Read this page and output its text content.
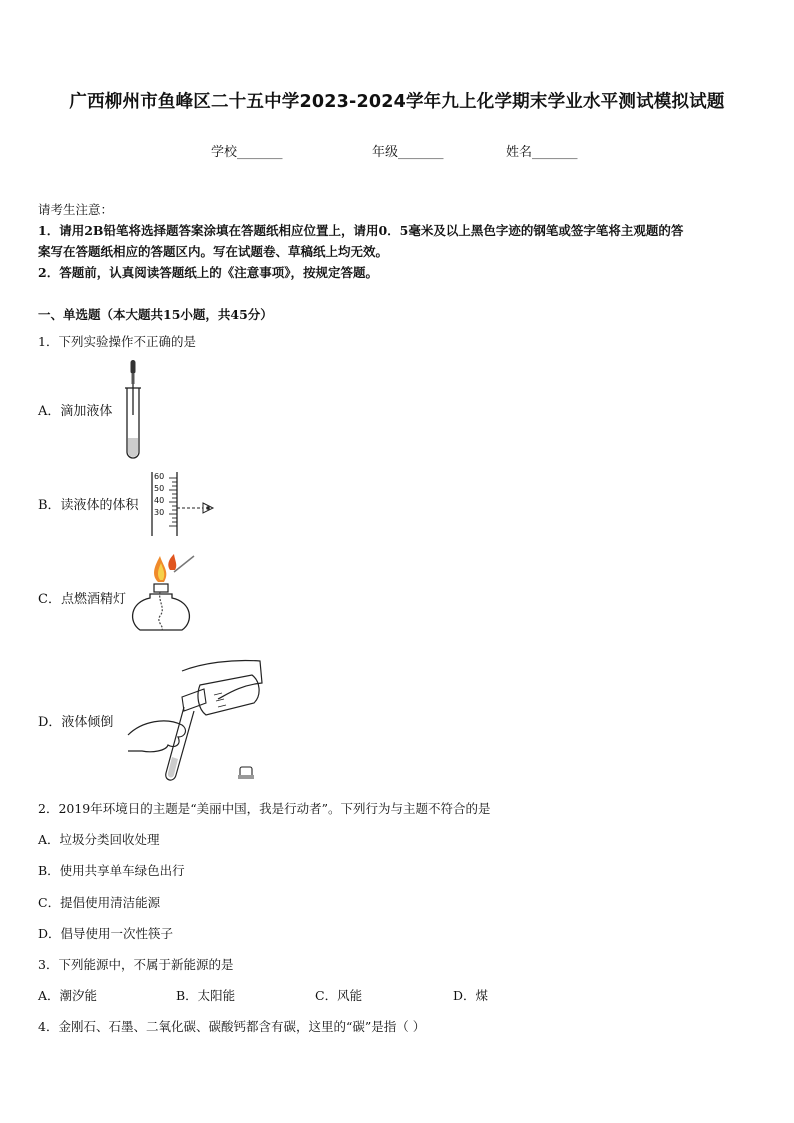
广西柳州市鱼峰区二十五中学2023-2024学年九上化学期末学业水平测试模拟试题
学校_______	年级_______	姓名_______
请考生注意：
1．请用2B铅笔将选择题答案涂填在答题纸相应位置上，请用0．5毫米及以上黑色字迹的钢笔或签字笔将主观题的答
案写在答题纸相应的答题区内。写在试题卷、草稿纸上均无效。
2．答题前，认真阅读答题纸上的《注意事项》，按规定答题。
一、单选题（本大题共15小题，共45分）
1．下列实验操作不正确的是
A．滴加液体
B．读液体的体积
60
50
40
30
C．点燃酒精灯
D．液体倾倒
2．2019年环境日的主题是“美丽中国，我是行动者”。下列行为与主题不符合的是
A．垃圾分类回收处理
B．使用共享单车绿色出行
C．提倡使用清洁能源
D．倡导使用一次性筷子
3．下列能源中，不属于新能源的是
A．潮汐能	B．太阳能	C．风能	D．煤
4．金刚石、石墨、二氧化碳、碳酸钙都含有碳，这里的“碳”是指（ ）
